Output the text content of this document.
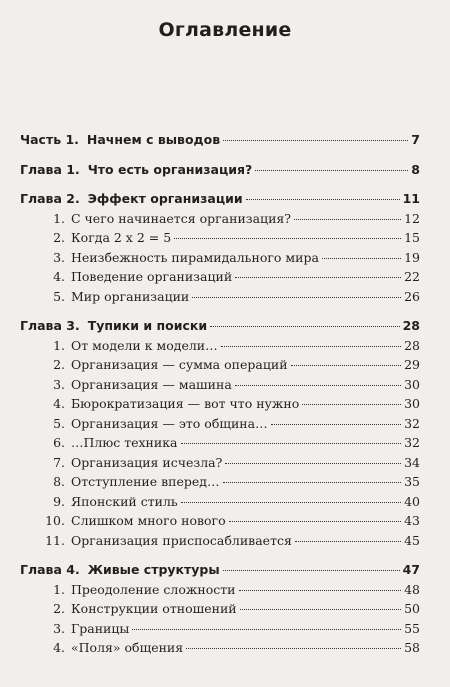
Оглавление
Часть 1. Начнем с выводов	7
Глава 1. Что есть организация?	8
Глава 2. Эффект организации	11
1. С чего начинается организация?	12
2. Когда 2 х 2 = 5	15
3. Неизбежность пирамидального мира	19
4. Поведение организаций	22
5. Мир организации	26
Глава 3. Тупики и поиски	28
1. От модели к модели…	28
2. Организация — сумма операций	29
3. Организация — машина	30
4. Бюрократизация — вот что нужно	30
5. Организация — это община…	32
6. …Плюс техника	32
7. Организация исчезла?	34
8. Отступление вперед…	35
9. Японский стиль	40
10. Слишком много нового	43
11. Организация приспосабливается	45
Глава 4. Живые структуры	47
1. Преодоление сложности	48
2. Конструкции отношений	50
3. Границы	55
4. «Поля» общения	58
